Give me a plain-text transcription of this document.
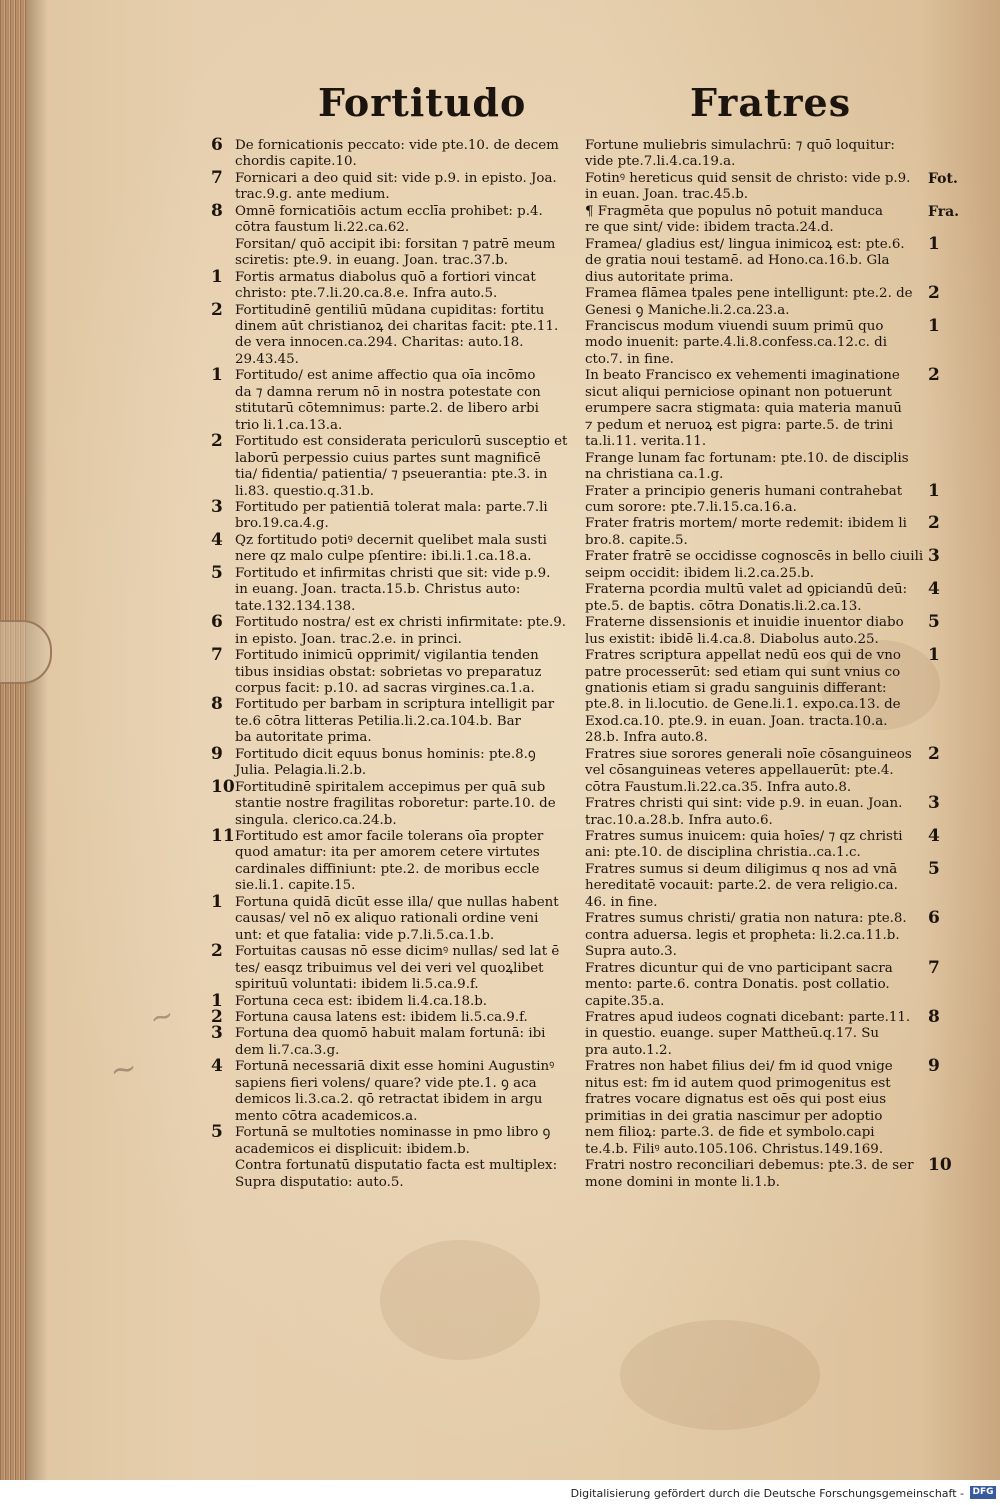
Fortitudo	Fratres
6 De fornicationis peccato: vide pte.10. de decem
chordis capite.10.
7 Fornicari a deo quid sit: vide p.9. in episto. Joa.
trac.9.g. ante medium.
8 Omnē fornicatiōis actum ecclīa prohibet: p.4.
cōtra faustum li.22.ca.62.
Forsitan/ quō accipit ibi: forsitan ⁊ patrē meum
sciretis: pte.9. in euang. Joan. trac.37.b.
1 Fortis armatus diabolus quō a fortiori vincat
christo: pte.7.li.20.ca.8.e. Infra auto.5.
2 Fortitudinē gentiliū mūdana cupiditas: fortitu
dinem aūt christianoꝝ dei charitas facit: pte.11.
de vera innocen.ca.294. Charitas: auto.18.
29.43.45.
1 Fortitudo/ est anime affectio qua oīa incōmo
da ⁊ damna rerum nō in nostra potestate con
stitutarū cōtemnimus: parte.2. de libero arbi
trio li.1.ca.13.a.
2 Fortitudo est considerata periculorū susceptio et
laborū perpessio cuius partes sunt magnificē
tia/ fidentia/ patientia/ ⁊ pseuerantia: pte.3. in
li.83. questio.q.31.b.
3 Fortitudo per patientiā tolerat mala: parte.7.li
bro.19.ca.4.g.
4 Qz fortitudo potiꝰ decernit quelibet mala susti
nere qz malo culpe pſentire: ibi.li.1.ca.18.a.
5 Fortitudo et infirmitas christi que sit: vide p.9.
in euang. Joan. tracta.15.b. Christus auto:
tate.132.134.138.
6 Fortitudo nostra/ est ex christi infirmitate: pte.9.
in episto. Joan. trac.2.e. in princi.
7 Fortitudo inimicū opprimit/ vigilantia tenden
tibus insidias obstat: sobrietas vo preparatuz
corpus facit: p.10. ad sacras virgines.ca.1.a.
8 Fortitudo per barbam in scriptura intelligit par
te.6 cōtra litteras Petilia.li.2.ca.104.b. Bar
ba autoritate prima.
9 Fortitudo dicit equus bonus hominis: pte.8.ꝯ
Julia. Pelagia.li.2.b.
10 Fortitudinē spiritalem accepimus per quā sub
stantie nostre fragilitas roboretur: parte.10. de
singula. clerico.ca.24.b.
11 Fortitudo est amor facile tolerans oīa propter
quod amatur: ita per amorem cetere virtutes
cardinales diffiniunt: pte.2. de moribus eccle
sie.li.1. capite.15.
1 Fortuna quidā dicūt esse illa/ que nullas habent
causas/ vel nō ex aliquo rationali ordine veni
unt: et que fatalia: vide p.7.li.5.ca.1.b.
2 Fortuitas causas nō esse dicimꝰ nullas/ sed lat ē
tes/ easqz tribuimus vel dei veri vel quoꝝlibet
spirituū voluntati: ibidem li.5.ca.9.f.
1 Fortuna ceca est: ibidem li.4.ca.18.b.
2 Fortuna causa latens est: ibidem li.5.ca.9.f.
3 Fortuna dea quomō habuit malam fortunā: ibi
dem li.7.ca.3.g.
4 Fortunā necessariā dixit esse homini Augustinꝰ
sapiens fieri volens/ quare? vide pte.1. ꝯ aca
demicos li.3.ca.2. qō retractat ibidem in argu
mento cōtra academicos.a.
5 Fortunā se multoties nominasse in pmo libro ꝯ
academicos ei displicuit: ibidem.b.
Contra fortunatū disputatio facta est multiplex:
Supra disputatio: auto.5.
Fortune muliebris simulachrū: ⁊ quō loquitur:
vide pte.7.li.4.ca.19.a.
Fot.
Fotinꝰ hereticus quid sensit de christo: vide p.9.
in euan. Joan. trac.45.b.
Fra.
¶ Fragmēta que populus nō potuit manduca
re que sint/ vide: ibidem tracta.24.d.
1
Framea/ gladius est/ lingua inimicoꝝ est: pte.6.
de gratia noui testamē. ad Hono.ca.16.b. Gla
dius autoritate prima.
2
Framea flāmea tpales pene intelligunt: pte.2. de
Genesi ꝯ Maniche.li.2.ca.23.a.
1
Franciscus modum viuendi suum primū quo
modo inuenit: parte.4.li.8.confess.ca.12.c. di
cto.7. in fine.
2
In beato Francisco ex vehementi imaginatione
sicut aliqui perniciose opinant non potuerunt
erumpere sacra stigmata: quia materia manuū
⁊ pedum et neruoꝝ est pigra: parte.5. de trini
ta.li.11. verita.11.
Frange lunam fac fortunam: pte.10. de disciplis
na christiana ca.1.g.
1
Frater a principio generis humani contrahebat
cum sorore: pte.7.li.15.ca.16.a.
2
Frater fratris mortem/ morte redemit: ibidem li
bro.8. capite.5.
3
Frater fratrē se occidisse cognoscēs in bello ciuili
seipm occidit: ibidem li.2.ca.25.b.
4
Fraterna pcordia multū valet ad ꝯpiciandū deū:
pte.5. de baptis. cōtra Donatis.li.2.ca.13.
5
Fraterne dissensionis et inuidie inuentor diabo
lus existit: ibidē li.4.ca.8. Diabolus auto.25.
1
Fratres scriptura appellat nedū eos qui de vno
patre processerūt: sed etiam qui sunt vnius co
gnationis etiam si gradu sanguinis differant:
pte.8. in li.locutio. de Gene.li.1. expo.ca.13. de
Exod.ca.10. pte.9. in euan. Joan. tracta.10.a.
28.b. Infra auto.8.
2
Fratres siue sorores generali noīe cōsanguineos
vel cōsanguineas veteres appellauerūt: pte.4.
cōtra Faustum.li.22.ca.35. Infra auto.8.
3
Fratres christi qui sint: vide p.9. in euan. Joan.
trac.10.a.28.b. Infra auto.6.
4
Fratres sumus inuicem: quia hoīes/ ⁊ qz christi
ani: pte.10. de disciplina christia..ca.1.c.
5
Fratres sumus si deum diligimus q nos ad vnā
hereditatē vocauit: parte.2. de vera religio.ca.
46. in fine.
6
Fratres sumus christi/ gratia non natura: pte.8.
contra aduersa. legis et propheta: li.2.ca.11.b.
Supra auto.3.
7
Fratres dicuntur qui de vno participant sacra
mento: parte.6. contra Donatis. post collatio.
capite.35.a.
8
Fratres apud iudeos cognati dicebant: parte.11.
in questio. euange. super Mattheū.q.17. Su
pra auto.1.2.
9
Fratres non habet filius dei/ fm id quod vnige
nitus est: fm id autem quod primogenitus est
fratres vocare dignatus est oēs qui post eius
primitias in dei gratia nascimur per adoptio
nem filioꝝ: parte.3. de fide et symbolo.capi
te.4.b. Filiꝰ auto.105.106. Christus.149.169.
10
Fratri nostro reconciliari debemus: pte.3. de ser
mone domini in monte li.1.b.
~
~
Digitalisierung gefördert durch die Deutsche Forschungsgemeinschaft - DFG
